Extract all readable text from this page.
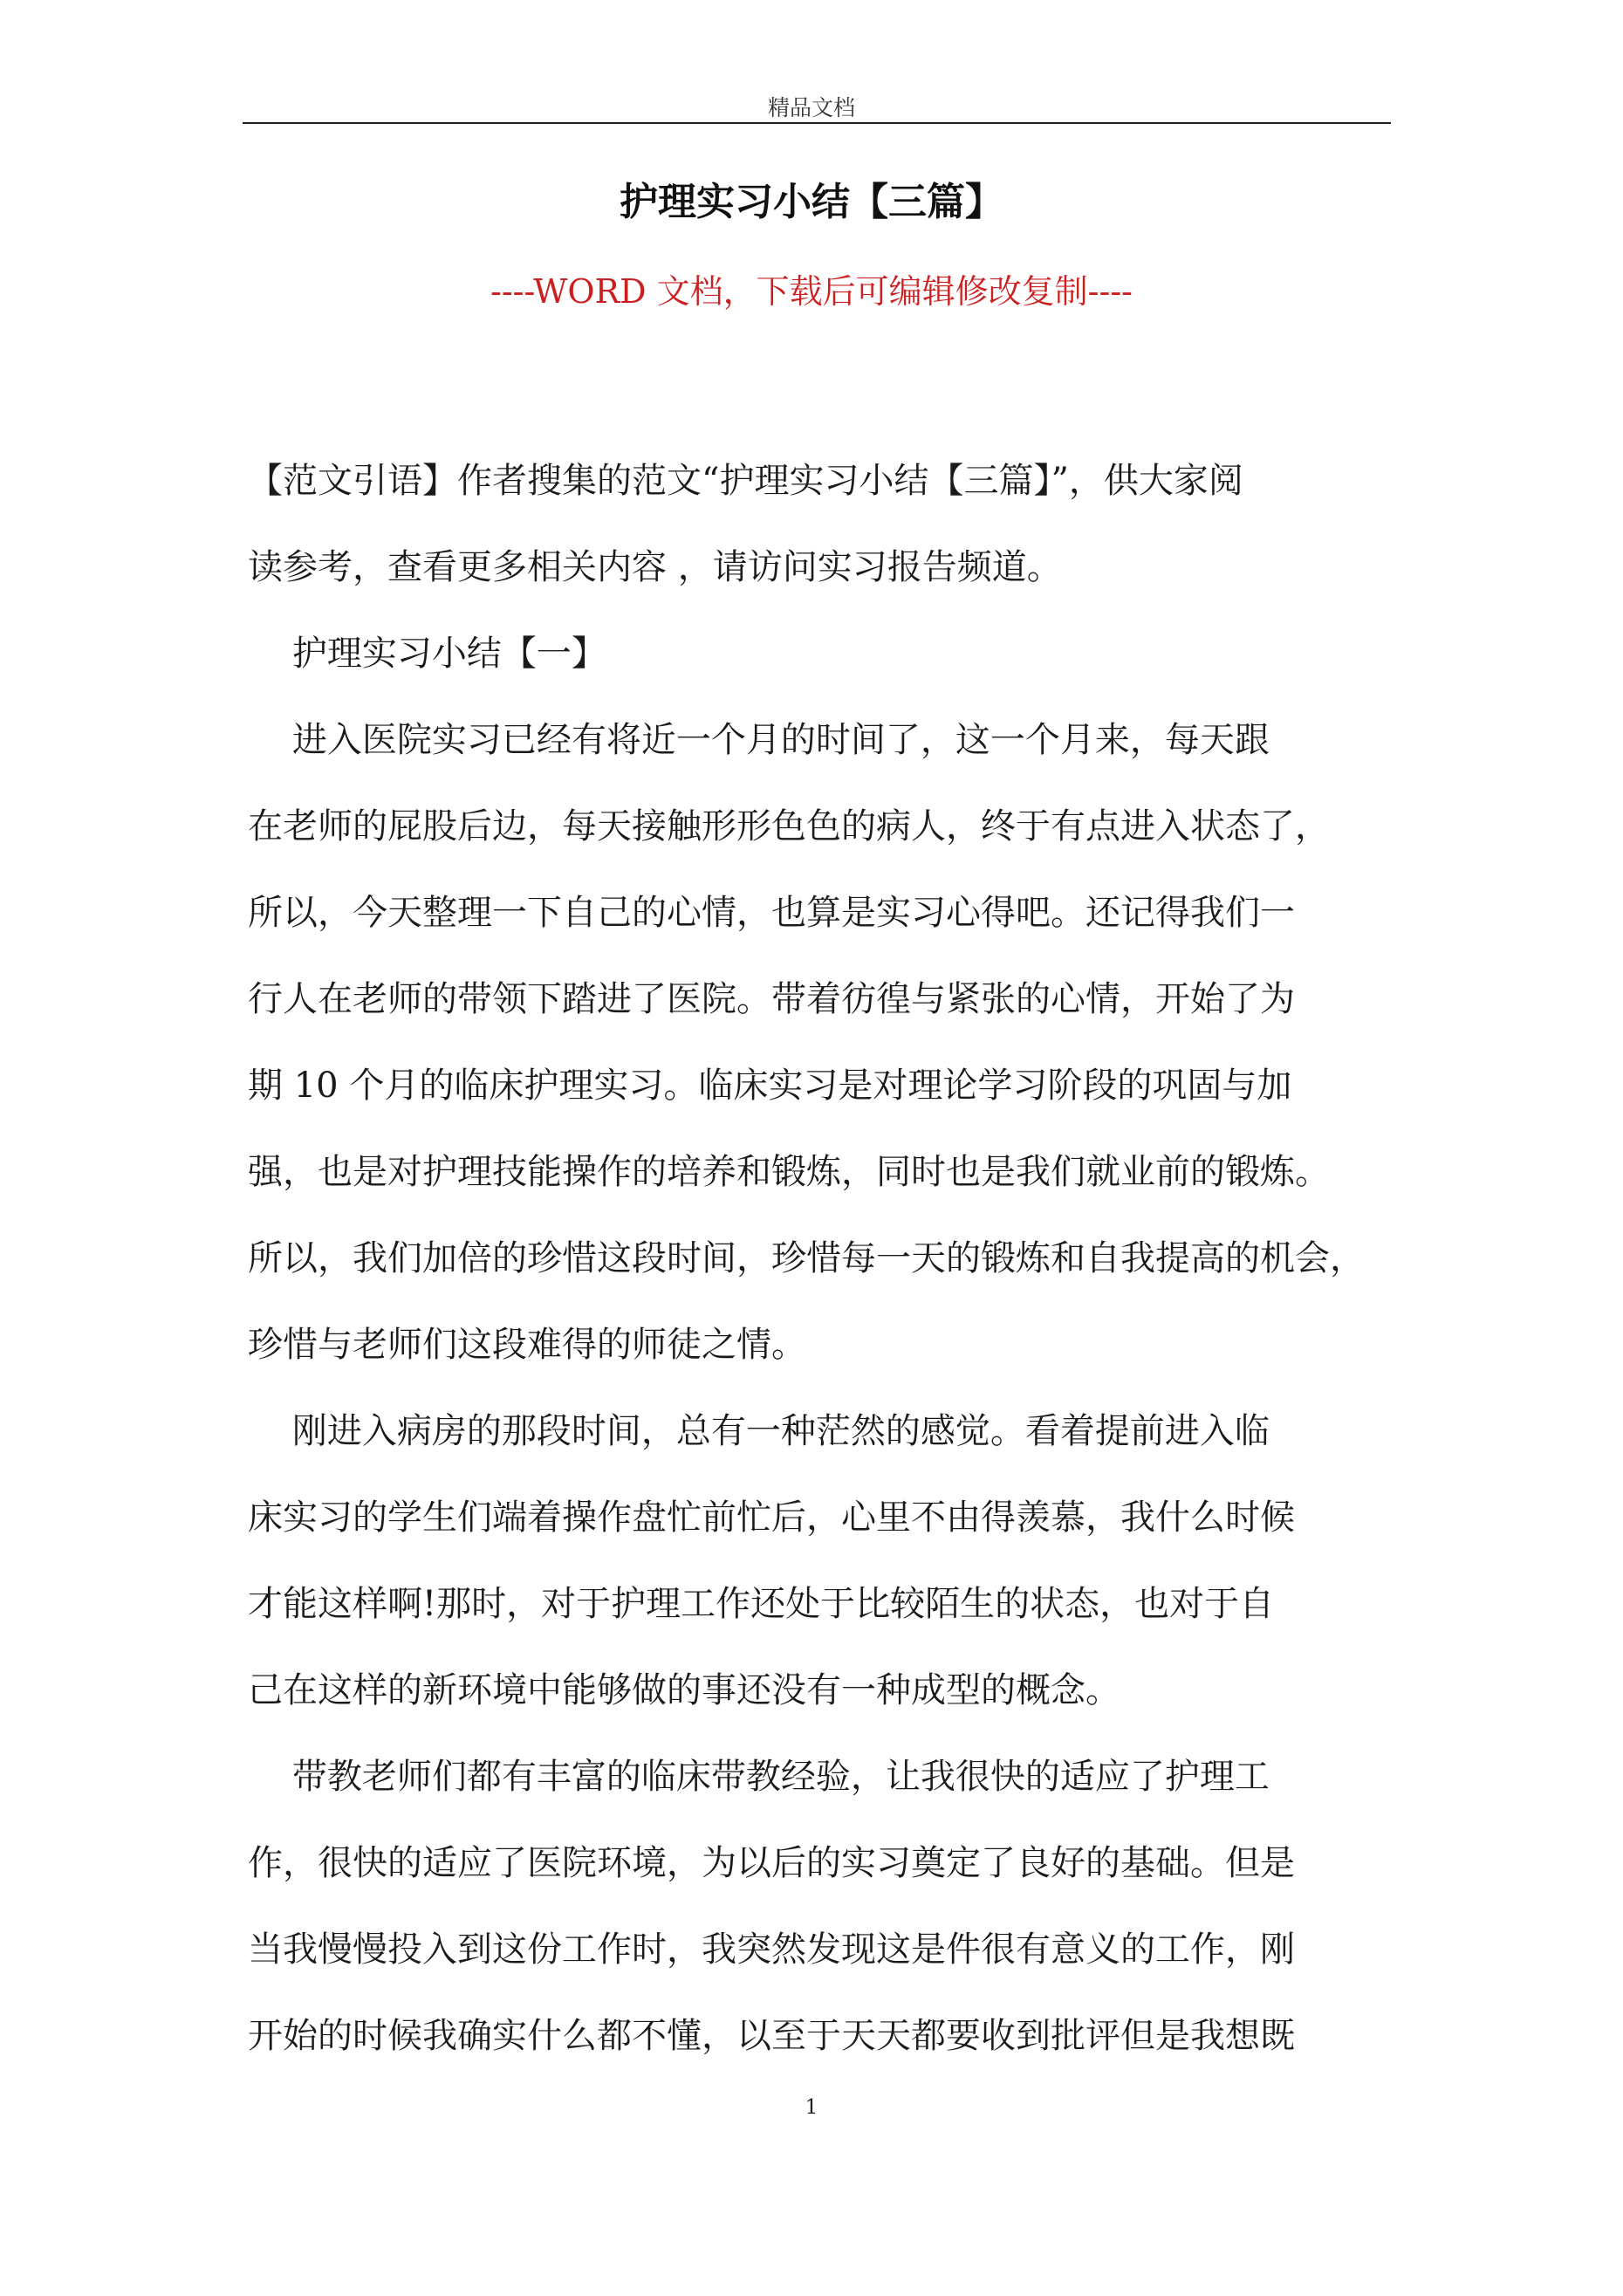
精品文档
护理实习小结【三篇】
----WORD 文档，下载后可编辑修改复制----

【范文引语】作者搜集的范文“护理实习小结【三篇】”，供大家阅

读参考，查看更多相关内容 ，请访问实习报告频道。

护理实习小结【一】

进入医院实习已经有将近一个月的时间了，这一个月来，每天跟

在老师的屁股后边，每天接触形形色色的病人，终于有点进入状态了，

所以，今天整理一下自己的心情，也算是实习心得吧。还记得我们一

行人在老师的带领下踏进了医院。带着彷徨与紧张的心情，开始了为

期 10 个月的临床护理实习。临床实习是对理论学习阶段的巩固与加

强，也是对护理技能操作的培养和锻炼，同时也是我们就业前的锻炼。

所以，我们加倍的珍惜这段时间，珍惜每一天的锻炼和自我提高的机会，

珍惜与老师们这段难得的师徒之情。

刚进入病房的那段时间，总有一种茫然的感觉。看着提前进入临

床实习的学生们端着操作盘忙前忙后，心里不由得羡慕，我什么时候

才能这样啊!那时，对于护理工作还处于比较陌生的状态，也对于自

己在这样的新环境中能够做的事还没有一种成型的概念。

带教老师们都有丰富的临床带教经验，让我很快的适应了护理工

作，很快的适应了医院环境，为以后的实习奠定了良好的基础。但是

当我慢慢投入到这份工作时，我突然发现这是件很有意义的工作，刚

开始的时候我确实什么都不懂，以至于天天都要收到批评但是我想既

1
